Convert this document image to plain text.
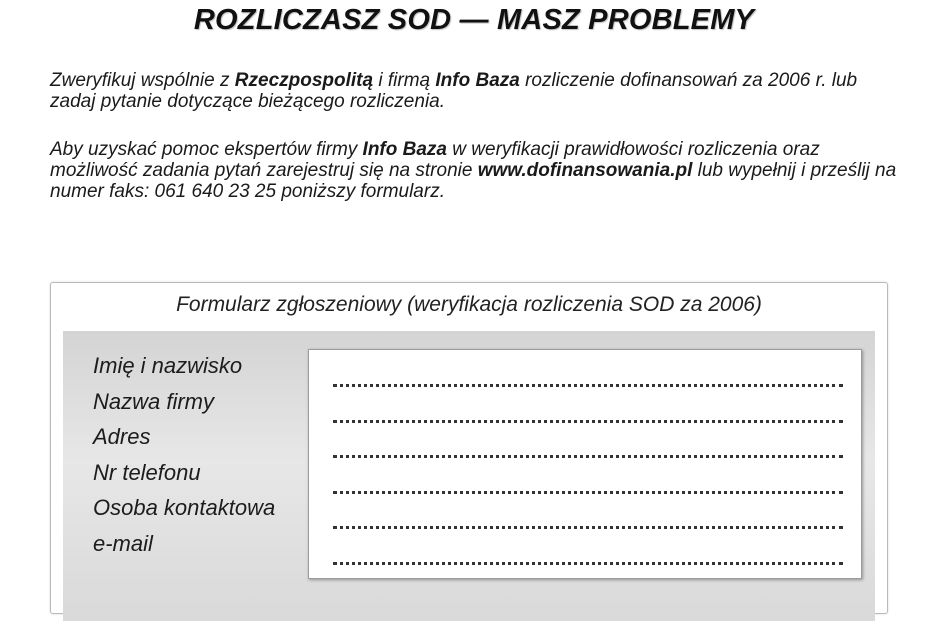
ROZLICZASZ SOD — MASZ PROBLEMY

Zweryfikuj wspólnie z Rzeczpospolitą i firmą Info Baza rozliczenie dofinansowań za 2006 r. lub zadaj pytanie dotyczące bieżącego rozliczenia.

Aby uzyskać pomoc ekspertów firmy Info Baza w weryfikacji prawidłowości rozliczenia oraz możliwość zadania pytań zarejestruj się na stronie www.dofinansowania.pl lub wypełnij i prześlij na numer faks: 061 640 23 25 poniższy formularz.

Formularz zgłoszeniowy (weryfikacja rozliczenia SOD za 2006)

Imię i nazwisko
Nazwa firmy
Adres
Nr telefonu
Osoba kontaktowa
e-mail
